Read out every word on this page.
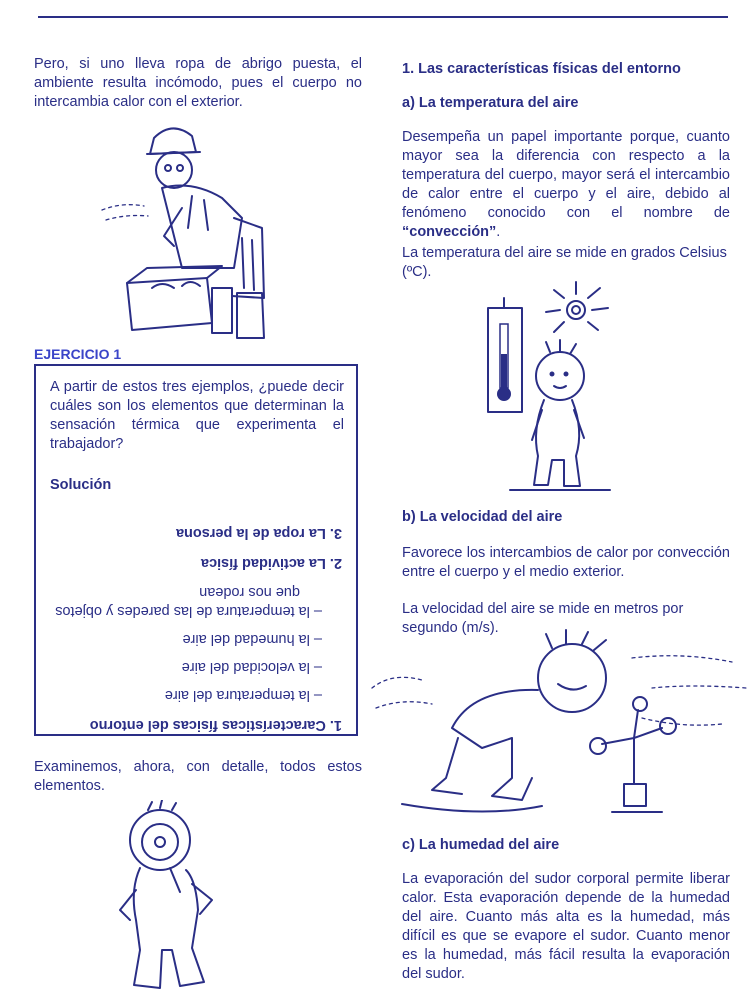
Pero, si uno lleva ropa de abrigo puesta, el ambiente resulta incómodo, pues el cuerpo no intercambia calor con el exterior.

EJERCICIO 1

A partir de estos tres ejemplos, ¿puede decir cuáles son los elementos que determinan la sensación térmica que experimenta el trabajador?

Solución

1. Características físicas del entorno
– la temperatura del aire
– la velocidad del aire
– la humedad del aire
– la temperatura de las paredes y objetos
que nos rodean
2. La actividad física
3. La ropa de la persona

Examinemos, ahora, con detalle, todos estos elementos.

1. Las características físicas del entorno

a) La temperatura del aire

Desempeña un papel importante porque, cuanto mayor sea la diferencia con respecto a la temperatura del cuerpo, mayor será el intercambio de calor entre el cuerpo y el aire, debido al fenómeno conocido con el nombre de “convección”.

La temperatura del aire se mide en grados Celsius (ºC).

b) La velocidad del aire

Favorece los intercambios de calor por convección entre el cuerpo y el medio exterior.

La velocidad del aire se mide en metros por segundo (m/s).

c) La humedad del aire

La evaporación del sudor corporal permite liberar calor. Esta evaporación depende de la humedad del aire. Cuanto más alta es la humedad, más difícil es que se evapore el sudor. Cuanto menor es la humedad, más fácil resulta la evaporación del sudor.
